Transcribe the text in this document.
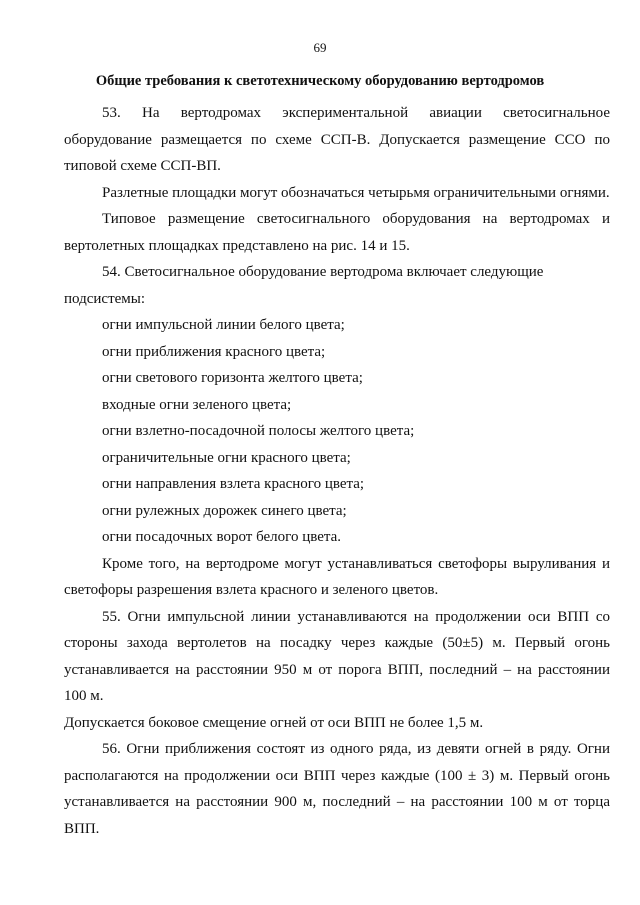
69
Общие требования к светотехническому оборудованию вертодромов

53. На вертодромах экспериментальной авиации светосигнальное оборудование размещается по схеме ССП-В. Допускается размещение ССО по типовой схеме ССП-ВП.

Разлетные площадки могут обозначаться четырьмя ограничительными огнями.

Типовое размещение светосигнального оборудования на вертодромах и вертолетных площадках представлено на рис. 14 и 15.

54. Светосигнальное оборудование вертодрома включает следующие подсистемы:

огни импульсной линии белого цвета;

огни приближения красного цвета;

огни светового горизонта желтого цвета;

входные огни зеленого цвета;

огни взлетно-посадочной полосы желтого цвета;

ограничительные огни красного цвета;

огни направления взлета красного цвета;

огни рулежных дорожек синего цвета;

огни посадочных ворот белого цвета.

Кроме того, на вертодроме могут устанавливаться светофоры выруливания и светофоры разрешения взлета красного и зеленого цветов.

55. Огни импульсной линии устанавливаются на продолжении оси ВПП со стороны захода вертолетов на посадку через каждые (50±5) м. Первый огонь устанавливается на расстоянии 950 м от порога ВПП, последний – на расстоянии 100 м.

Допускается боковое смещение огней от оси ВПП не более 1,5 м.

56. Огни приближения состоят из одного ряда, из девяти огней в ряду. Огни располагаются на продолжении оси ВПП через каждые (100 ± 3) м. Первый огонь устанавливается на расстоянии 900 м, последний – на расстоянии 100 м от торца ВПП.
